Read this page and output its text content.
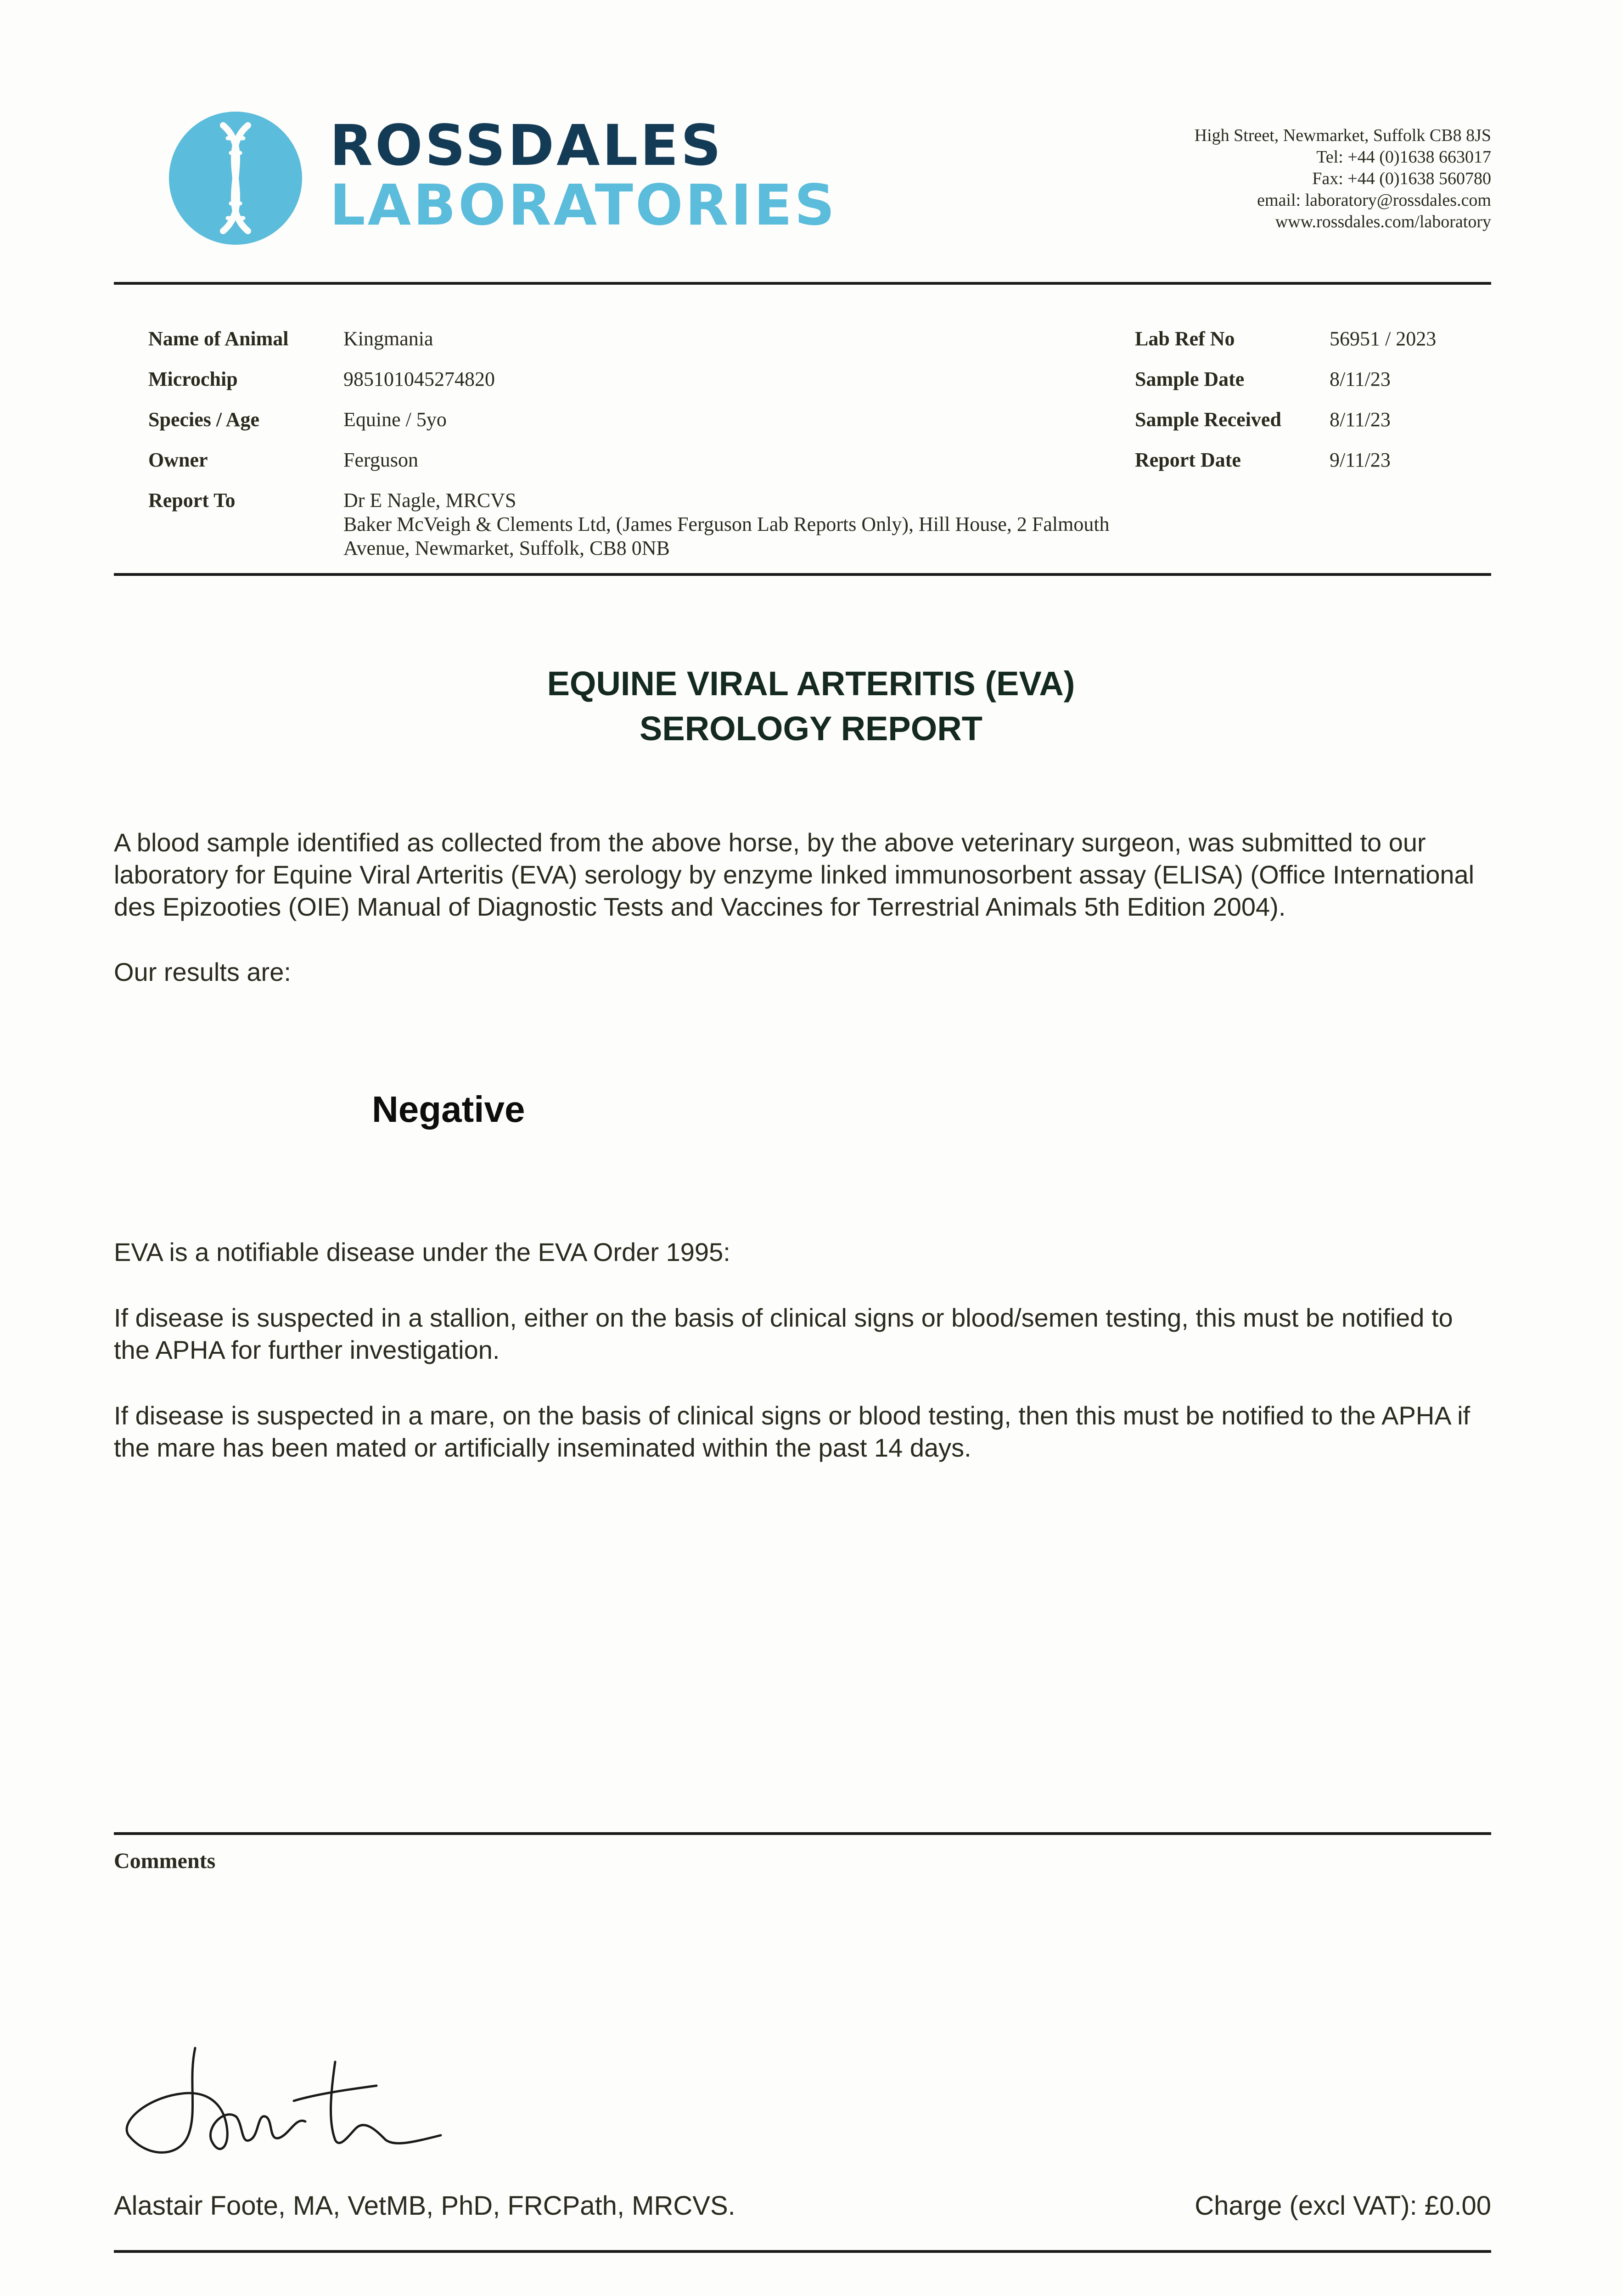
ROSSDALES
LABORATORIES
High Street, Newmarket, Suffolk CB8 8JS
Tel: +44 (0)1638 663017
Fax: +44 (0)1638 560780
email: laboratory@rossdales.com
www.rossdales.com/laboratory
Name of Animal	Kingmania
Microchip	985101045274820
Species / Age	Equine / 5yo
Owner	Ferguson
Report To	Dr E Nagle, MRCVS
Baker McVeigh & Clements Ltd, (James Ferguson Lab Reports Only), Hill House, 2 Falmouth Avenue, Newmarket, Suffolk, CB8 0NB
Lab Ref No	56951 / 2023
Sample Date	8/11/23
Sample Received 8/11/23
Report Date	9/11/23
EQUINE VIRAL ARTERITIS (EVA)
SEROLOGY REPORT
A blood sample identified as collected from the above horse, by the above veterinary surgeon, was submitted to our laboratory for Equine Viral Arteritis (EVA) serology by enzyme linked immunosorbent assay (ELISA) (Office International des Epizooties (OIE) Manual of Diagnostic Tests and Vaccines for Terrestrial Animals 5th Edition 2004).
Our results are:
Negative
EVA is a notifiable disease under the EVA Order 1995:
If disease is suspected in a stallion, either on the basis of clinical signs or blood/semen testing, this must be notified to the APHA for further investigation.
If disease is suspected in a mare, on the basis of clinical signs or blood testing, then this must be notified to the APHA if the mare has been mated or artificially inseminated within the past 14 days.
Comments
Alastair Foote, MA, VetMB, PhD, FRCPath, MRCVS.	Charge (excl VAT): £0.00
